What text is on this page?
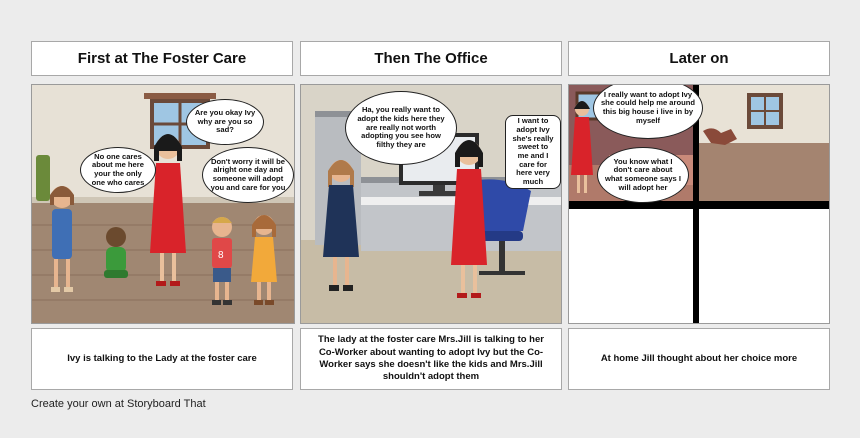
First at The Foster Care	Then The Office	Later on
8
No one cares about me here your the only one who cares
Are you okay Ivy why are you so sad?
Don't worry it will be alright one day and someone will adopt you and care for you
Ha, you really want to adopt the kids here they are really not worth adopting you see how filthy they are
I want to adopt Ivy she's really sweet to me and I care for here very much
I really want to adopt Ivy she could help me around this big house i live in by myself
You know what I don't care about what someone says I will adopt her
Ivy is talking to the Lady at the foster care
The lady at the foster care Mrs.Jill is talking to her Co-Worker about wanting to adopt Ivy but the Co-Worker says she doesn't like the kids and Mrs.Jill shouldn't adopt them
At home Jill thought about her choice more
Create your own at Storyboard That
